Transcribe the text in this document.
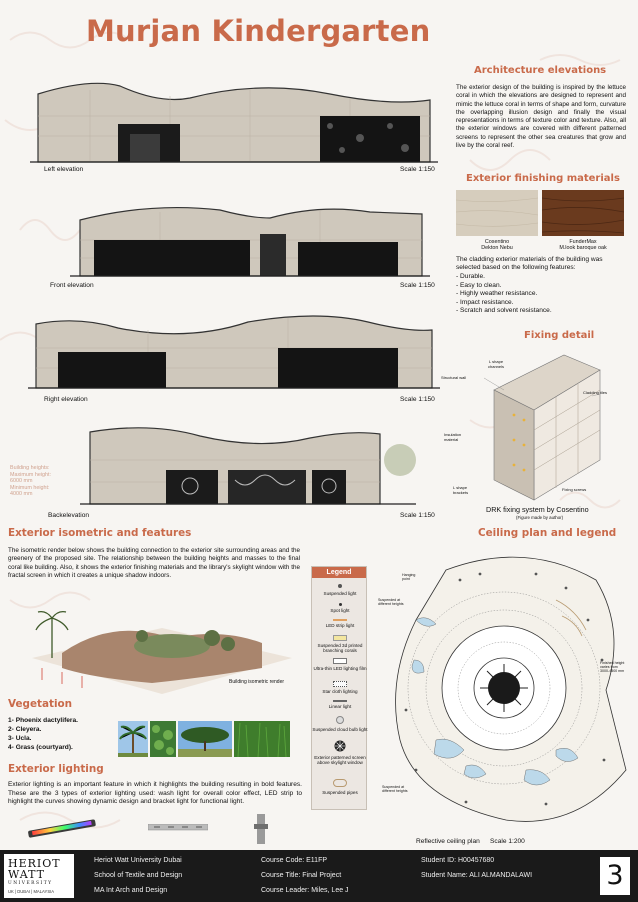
Murjan Kindergarten
Left elevation	Scale 1:150
Front elevation	Scale 1:150
Right elevation	Scale 1:150
Building heights:
Maximum height:
6000 mm
Minimum height:
4000 mm
Backelevation	Scale 1:150
Architecture elevations
The exterior design of the building is inspired by the lettuce coral in which the elevations are designed to represent and mimic the lettuce coral in terms of shape and form, curvature the overlapping illusion design and finally the visual representations in terms of texture color and texture. Also, all the exterior windows are covered with different patterned screens to represent the other sea creatures that grow and live by the coral reef.
Exterior finishing materials
Cosentino
Dekton Nebu
FunderMax
M.look baroque oak
The cladding exterior materials of the building was selected based on the following features:
- Durable.
- Easy to clean.
- Highly weather resistance.
- Impact resistance.
- Scratch and solvent resistance.
Fixing detail
L shape
channels
Structural wall
Cladding tiles
Insulation
material
L shape
brackets
Fixing screws
DRK fixing system by Cosentino
(Figure made by author)
Exterior isometric and features
The isometric render below shows the building connection to the exterior site surrounding areas and the greenery of the proposed site. The relationship between the building heights and masses to the final coral like building. Also, it shows the exterior finishing materials and the library's skylight window with the fractal screen in which it creates a unique shadow indoors.
Building isometric render
Legend
Suspended light
Spot light
LED strip light
Suspended 3d printed branching corals
Ultra-thin LED lighting film
Star cloth lighting
Linear light
Suspended cloud bulb light
Exterior patterned screen above skylight window
Suspended pipes
Vegetation
1- Phoenix dactylifera.
2- Cleyera.
3- Ucla.
4- Grass (courtyard).
Exterior lighting
Exterior lighting is an important feature in which it highlights the building resulting in bold features. These are the 3 types of exterior lighting used: wash light for overall color effect, LED strip to highlight the curves showing dynamic design and bracket light for functional light.
Ceiling plan and legend
Hanging
point
Suspended at
different heights
Suspended at
different heights
Finished height
varies from
3000-4500 mm
Reflective ceiling plan Scale 1:200
HERIOT
WATT
UNIVERSITY
UK | DUBAI | MALAYSIA
Heriot Watt University Dubai
School of Textile and Design
MA Int Arch and Design
Course Code: E11FP
Course Title: Final Project
Course Leader: Miles, Lee J
Student ID: H00457680
Student Name: ALI ALMANDALAWI	3
